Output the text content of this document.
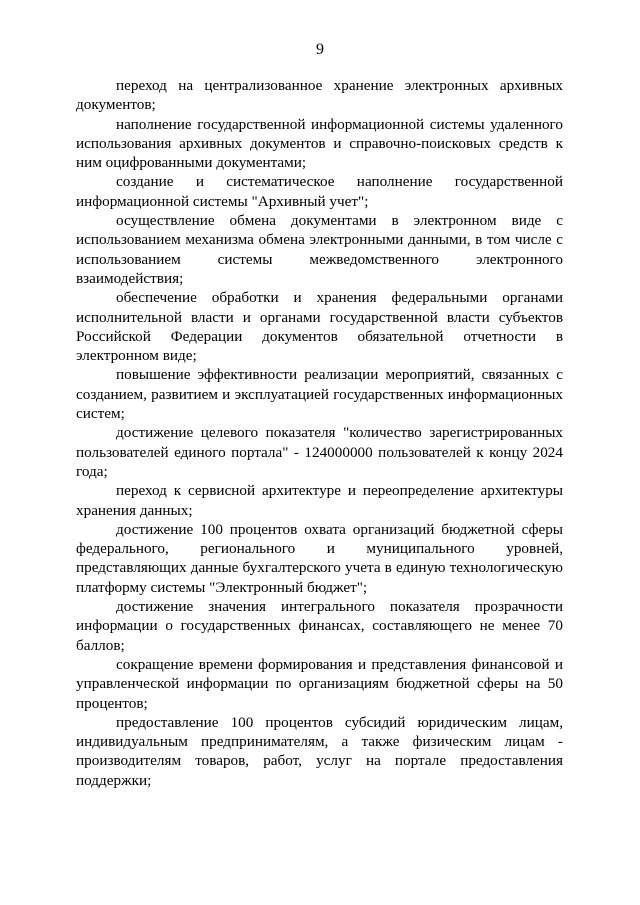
9

переход на централизованное хранение электронных архивных документов;

наполнение государственной информационной системы удаленного использования архивных документов и справочно-поисковых средств к ним оцифрованными документами;

создание и систематическое наполнение государственной информационной системы "Архивный учет";

осуществление обмена документами в электронном виде с использованием механизма обмена электронными данными, в том числе с использованием системы межведомственного электронного взаимодействия;

обеспечение обработки и хранения федеральными органами исполнительной власти и органами государственной власти субъектов Российской Федерации документов обязательной отчетности в электронном виде;

повышение эффективности реализации мероприятий, связанных с созданием, развитием и эксплуатацией государственных информационных систем;

достижение целевого показателя "количество зарегистрированных пользователей единого портала" - 124000000 пользователей к концу 2024 года;

переход к сервисной архитектуре и переопределение архитектуры хранения данных;

достижение 100 процентов охвата организаций бюджетной сферы федерального, регионального и муниципального уровней, представляющих данные бухгалтерского учета в единую технологическую платформу системы "Электронный бюджет";

достижение значения интегрального показателя прозрачности информации о государственных финансах, составляющего не менее 70 баллов;

сокращение времени формирования и представления финансовой и управленческой информации по организациям бюджетной сферы на 50 процентов;

предоставление 100 процентов субсидий юридическим лицам, индивидуальным предпринимателям, а также физическим лицам - производителям товаров, работ, услуг на портале предоставления поддержки;
